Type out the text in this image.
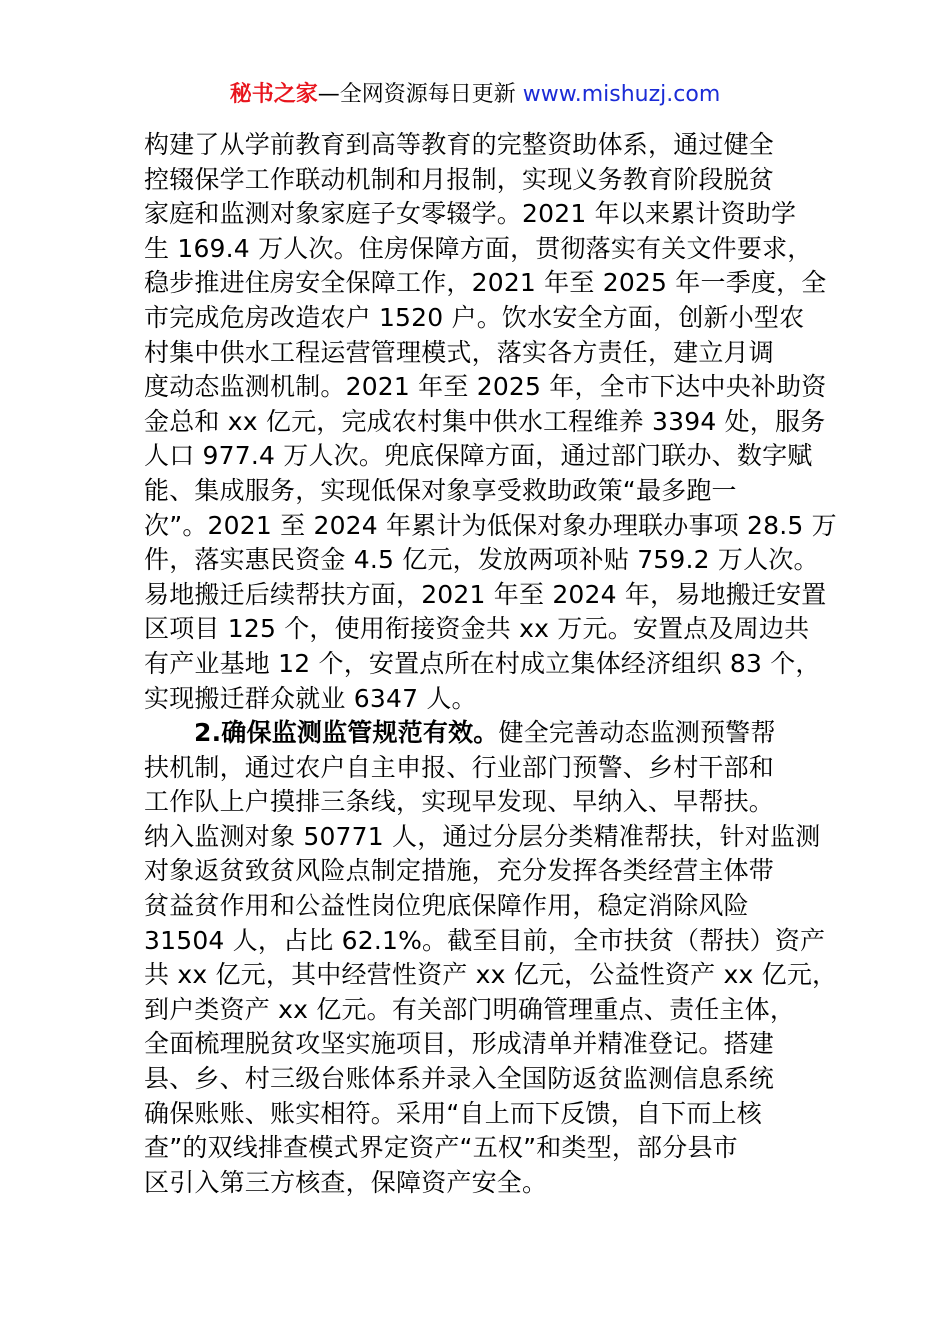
秘书之家—全网资源每日更新 www.mishuzj.com
构建了从学前教育到高等教育的完整资助体系，通过健全
控辍保学工作联动机制和月报制，实现义务教育阶段脱贫
家庭和监测对象家庭子女零辍学。2021 年以来累计资助学
生 169.4 万人次。住房保障方面，贯彻落实有关文件要求，
稳步推进住房安全保障工作，2021 年至 2025 年一季度，全
市完成危房改造农户 1520 户。饮水安全方面，创新小型农
村集中供水工程运营管理模式，落实各方责任，建立月调
度动态监测机制。2021 年至 2025 年，全市下达中央补助资
金总和 xx 亿元，完成农村集中供水工程维养 3394 处，服务
人口 977.4 万人次。兜底保障方面，通过部门联办、数字赋
能、集成服务，实现低保对象享受救助政策“最多跑一
次”。2021 至 2024 年累计为低保对象办理联办事项 28.5 万
件，落实惠民资金 4.5 亿元，发放两项补贴 759.2 万人次。
易地搬迁后续帮扶方面，2021 年至 2024 年，易地搬迁安置
区项目 125 个，使用衔接资金共 xx 万元。安置点及周边共
有产业基地 12 个，安置点所在村成立集体经济组织 83 个，
实现搬迁群众就业 6347 人。
2.确保监测监管规范有效。健全完善动态监测预警帮
扶机制，通过农户自主申报、行业部门预警、乡村干部和
工作队上户摸排三条线，实现早发现、早纳入、早帮扶。
纳入监测对象 50771 人，通过分层分类精准帮扶，针对监测
对象返贫致贫风险点制定措施，充分发挥各类经营主体带
贫益贫作用和公益性岗位兜底保障作用，稳定消除风险
31504 人，占比 62.1%。截至目前，全市扶贫（帮扶）资产
共 xx 亿元，其中经营性资产 xx 亿元，公益性资产 xx 亿元，
到户类资产 xx 亿元。有关部门明确管理重点、责任主体，
全面梳理脱贫攻坚实施项目，形成清单并精准登记。搭建
县、乡、村三级台账体系并录入全国防返贫监测信息系统
确保账账、账实相符。采用“自上而下反馈，自下而上核
查”的双线排查模式界定资产“五权”和类型，部分县市
区引入第三方核查，保障资产安全。
